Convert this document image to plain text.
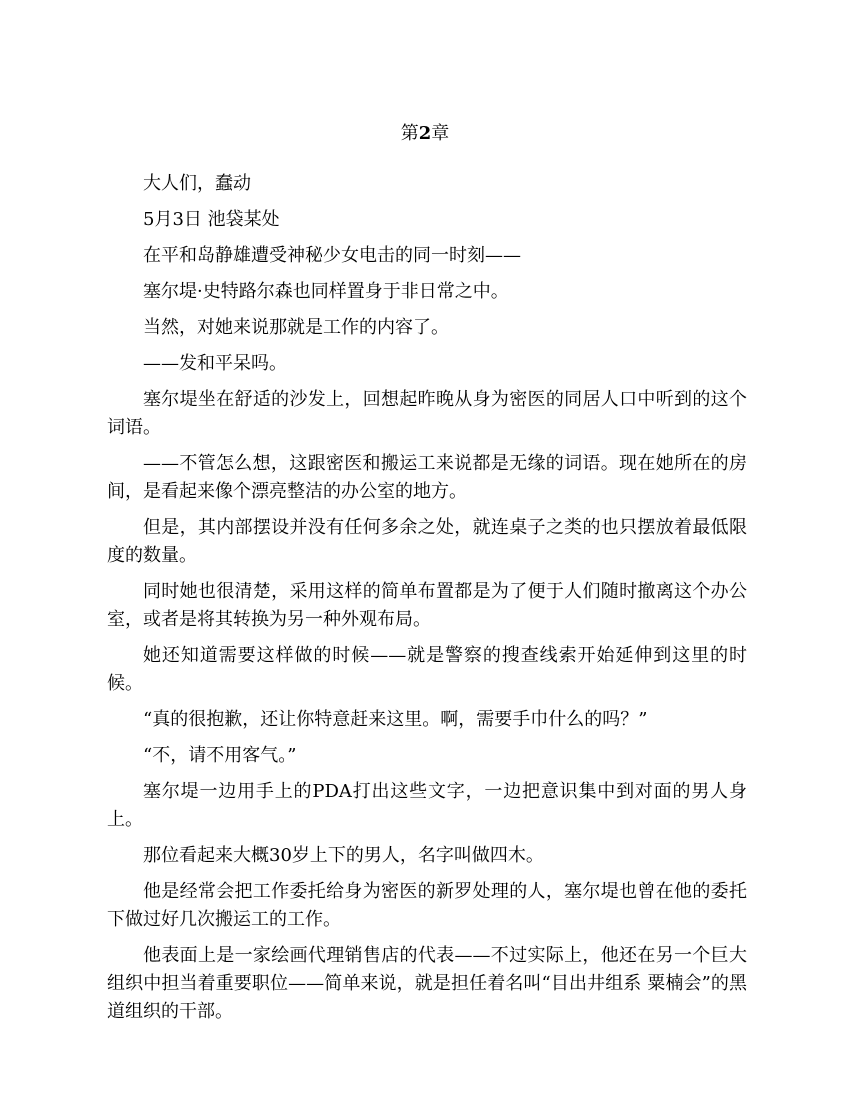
第2章

大人们，蠢动

5月3日 池袋某处

在平和岛静雄遭受神秘少女电击的同一时刻——

塞尔堤·史特路尔森也同样置身于非日常之中。

当然，对她来说那就是工作的内容了。

——发和平呆吗。

塞尔堤坐在舒适的沙发上，回想起昨晚从身为密医的同居人口中听到的这个词语。

——不管怎么想，这跟密医和搬运工来说都是无缘的词语。现在她所在的房间，是看起来像个漂亮整洁的办公室的地方。

但是，其内部摆设并没有任何多余之处，就连桌子之类的也只摆放着最低限度的数量。

同时她也很清楚，采用这样的简单布置都是为了便于人们随时撤离这个办公室，或者是将其转换为另一种外观布局。

她还知道需要这样做的时候——就是警察的搜查线索开始延伸到这里的时候。

“真的很抱歉，还让你特意赶来这里。啊，需要手巾什么的吗？”

“不，请不用客气。”

塞尔堤一边用手上的PDA打出这些文字，一边把意识集中到对面的男人身上。

那位看起来大概30岁上下的男人，名字叫做四木。

他是经常会把工作委托给身为密医的新罗处理的人，塞尔堤也曾在他的委托下做过好几次搬运工的工作。

他表面上是一家绘画代理销售店的代表——不过实际上，他还在另一个巨大组织中担当着重要职位——简单来说，就是担任着名叫“目出井组系 粟楠会”的黑道组织的干部。
